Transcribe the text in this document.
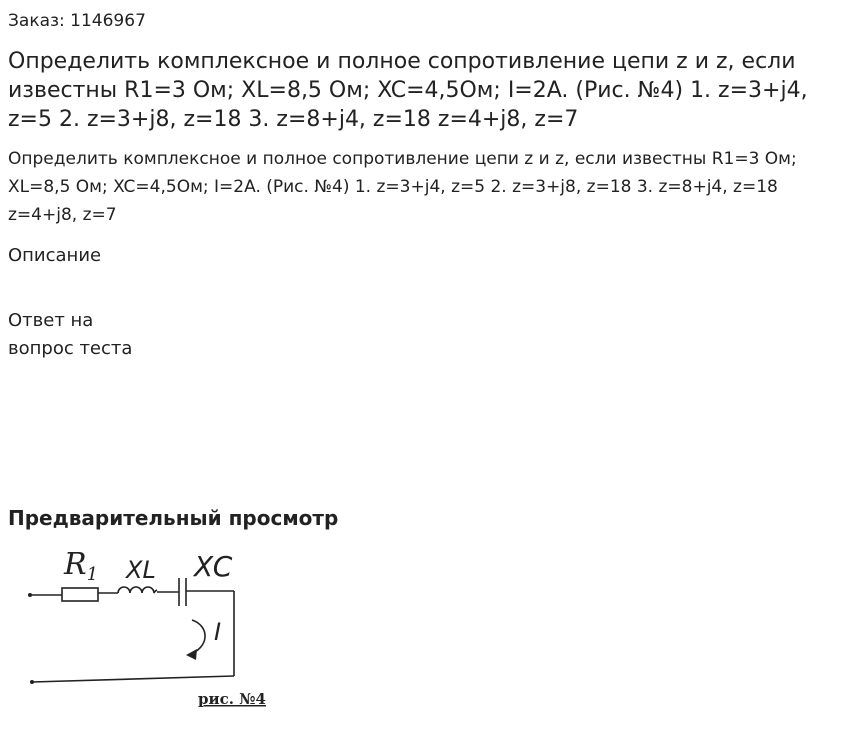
Заказ: 1146967
Определить комплексное и полное сопротивление цепи z и z, если известны R1=3 Ом; XL=8,5 Ом; XC=4,5Ом; I=2A. (Рис. №4) 1. z=3+j4, z=5 2. z=3+j8, z=18 3. z=8+j4, z=18 z=4+j8, z=7
Определить комплексное и полное сопротивление цепи z и z, если известны R1=3 Ом; XL=8,5 Ом; XC=4,5Ом; I=2A. (Рис. №4) 1. z=3+j4, z=5 2. z=3+j8, z=18 3. z=8+j4, z=18 z=4+j8, z=7
Описание
Ответ на вопрос теста
Предварительный просмотр
$R_1$ XL XC
I
рис. №4
